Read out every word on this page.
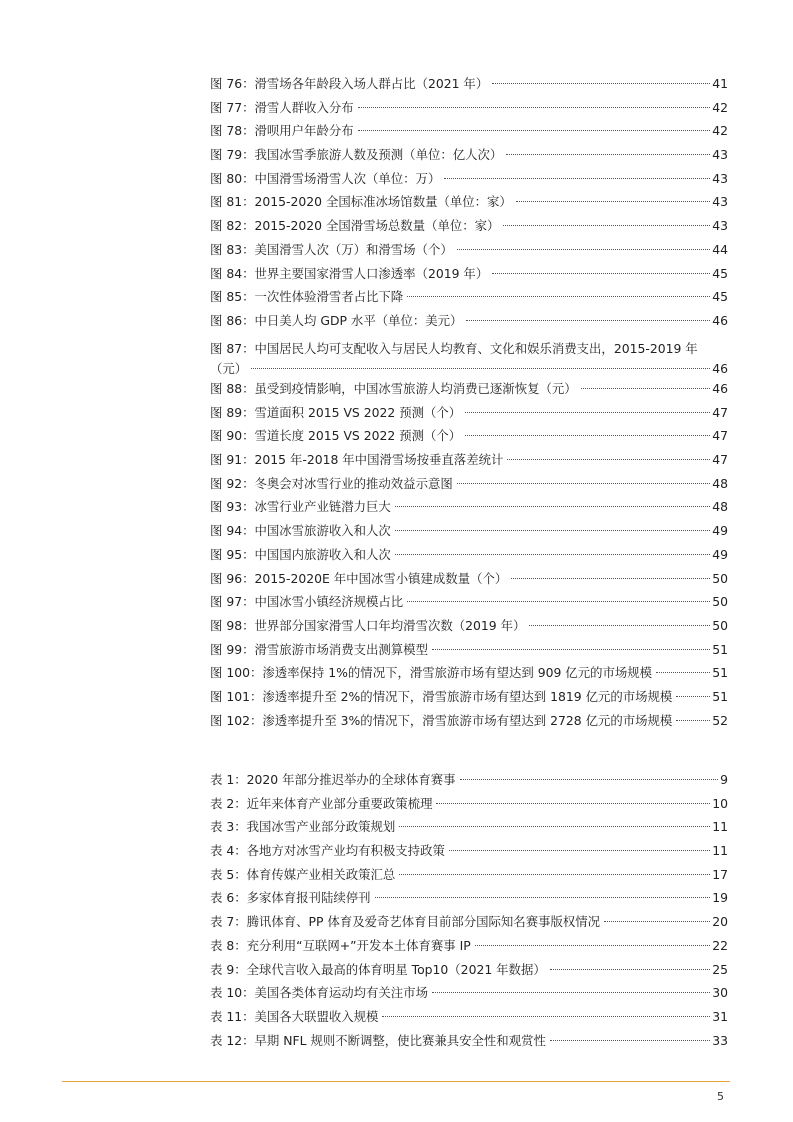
图 76：滑雪场各年龄段入场人群占比（2021 年）	41
图 77：滑雪人群收入分布	42
图 78：滑呗用户年龄分布	42
图 79：我国冰雪季旅游人数及预测（单位：亿人次）	43
图 80：中国滑雪场滑雪人次（单位：万）	43
图 81：2015-2020 全国标准冰场馆数量（单位：家）	43
图 82：2015-2020 全国滑雪场总数量（单位：家）	43
图 83：美国滑雪人次（万）和滑雪场（个）	44
图 84：世界主要国家滑雪人口渗透率（2019 年）	45
图 85：一次性体验滑雪者占比下降	45
图 86：中日美人均 GDP 水平（单位：美元）	46
图 87：中国居民人均可支配收入与居民人均教育、文化和娱乐消费支出，2015-2019 年
（元）	46
图 88：虽受到疫情影响，中国冰雪旅游人均消费已逐渐恢复（元）	46
图 89：雪道面积 2015 VS 2022 预测（个）	47
图 90：雪道长度 2015 VS 2022 预测（个）	47
图 91：2015 年-2018 年中国滑雪场按垂直落差统计	47
图 92：冬奥会对冰雪行业的推动效益示意图	48
图 93：冰雪行业产业链潜力巨大	48
图 94：中国冰雪旅游收入和人次	49
图 95：中国国内旅游收入和人次	49
图 96：2015-2020E 年中国冰雪小镇建成数量（个）	50
图 97：中国冰雪小镇经济规模占比	50
图 98：世界部分国家滑雪人口年均滑雪次数（2019 年）	50
图 99：滑雪旅游市场消费支出测算模型	51
图 100：渗透率保持 1%的情况下，滑雪旅游市场有望达到 909 亿元的市场规模	51
图 101：渗透率提升至 2%的情况下，滑雪旅游市场有望达到 1819 亿元的市场规模	51
图 102：渗透率提升至 3%的情况下，滑雪旅游市场有望达到 2728 亿元的市场规模	52
表 1：2020 年部分推迟举办的全球体育赛事	9
表 2：近年来体育产业部分重要政策梳理	10
表 3：我国冰雪产业部分政策规划	11
表 4：各地方对冰雪产业均有积极支持政策	11
表 5：体育传媒产业相关政策汇总	17
表 6：多家体育报刊陆续停刊	19
表 7：腾讯体育、PP 体育及爱奇艺体育目前部分国际知名赛事版权情况	20
表 8：充分利用“互联网+”开发本土体育赛事 IP	22
表 9：全球代言收入最高的体育明星 Top10（2021 年数据）	25
表 10：美国各类体育运动均有关注市场	30
表 11：美国各大联盟收入规模	31
表 12：早期 NFL 规则不断调整，使比赛兼具安全性和观赏性	33
5
